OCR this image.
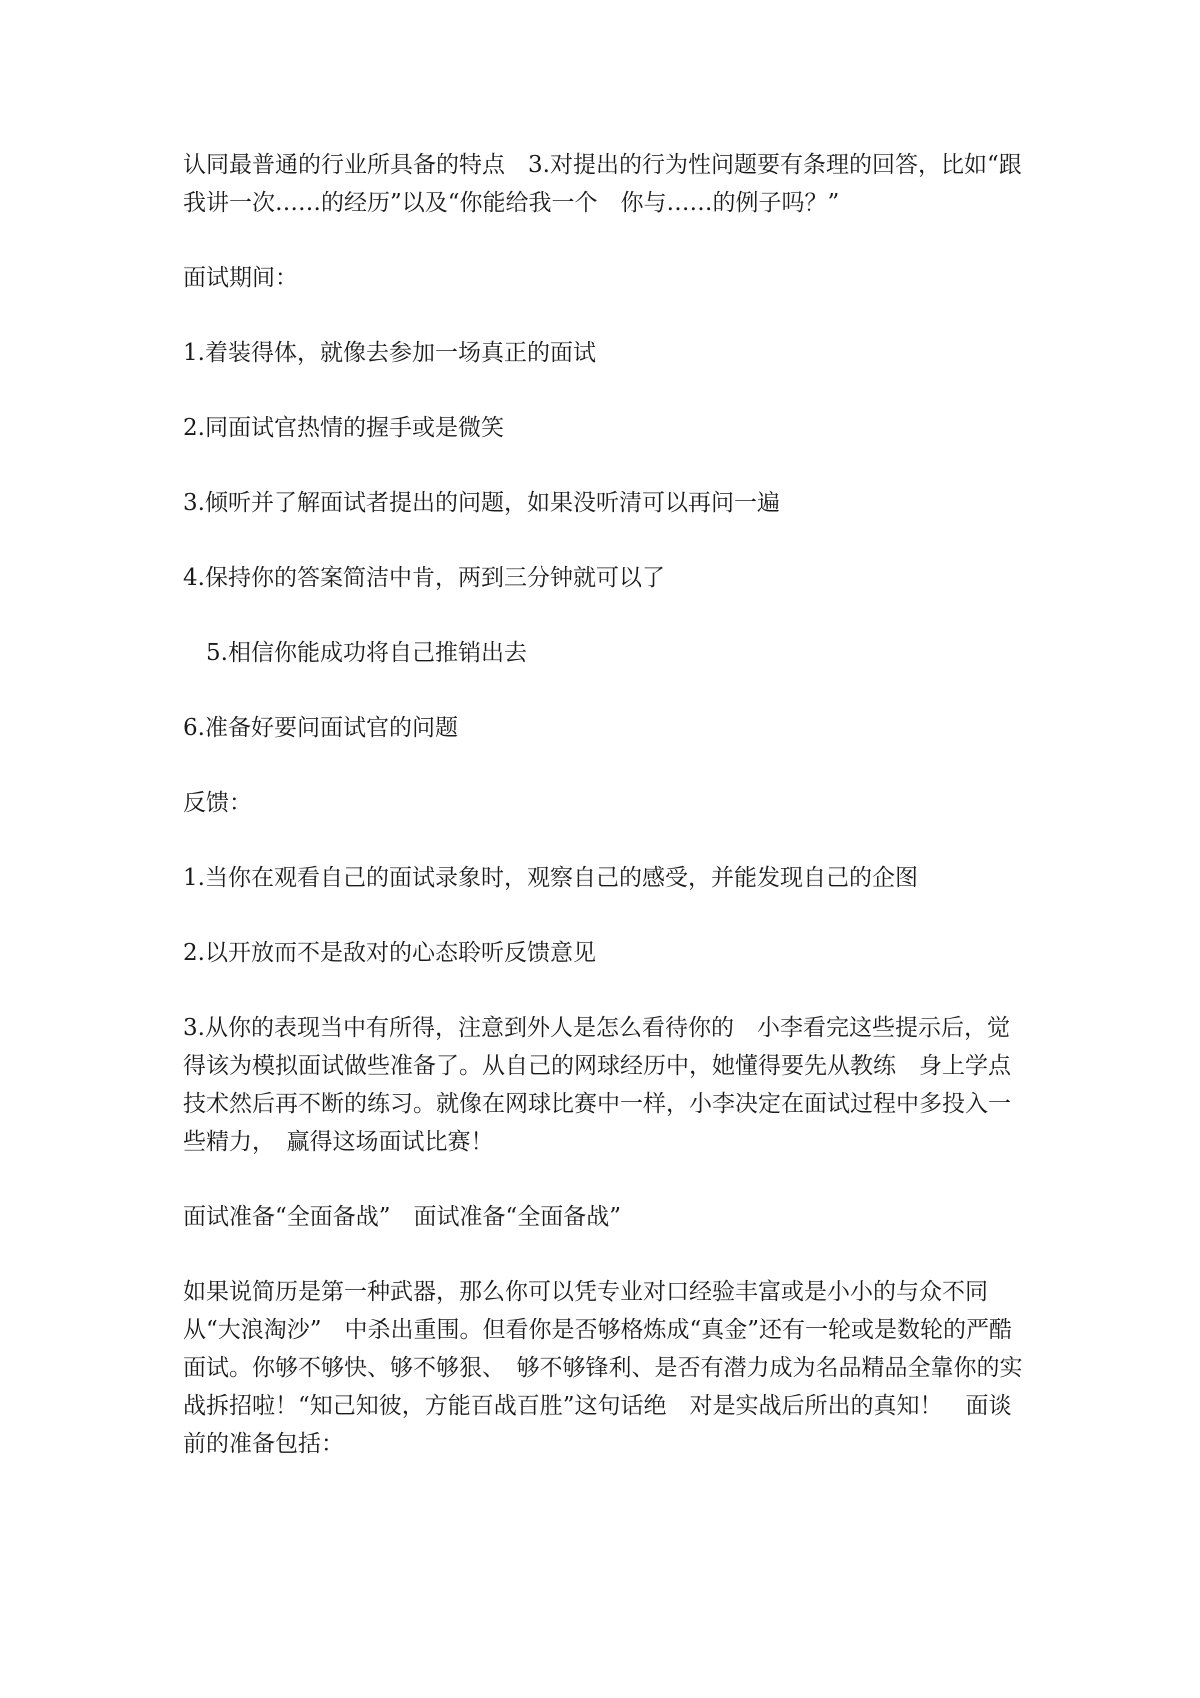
认同最普通的行业所具备的特点　3.对提出的行为性问题要有条理的回答，比如“跟我讲一次……的经历”以及“你能给我一个　你与……的例子吗？”

面试期间：

1.着装得体，就像去参加一场真正的面试

2.同面试官热情的握手或是微笑

3.倾听并了解面试者提出的问题，如果没听清可以再问一遍

4.保持你的答案简洁中肯，两到三分钟就可以了

　5.相信你能成功将自己推销出去

6.准备好要问面试官的问题

反馈：

1.当你在观看自己的面试录象时，观察自己的感受，并能发现自己的企图

2.以开放而不是敌对的心态聆听反馈意见

3.从你的表现当中有所得，注意到外人是怎么看待你的　小李看完这些提示后，觉得该为模拟面试做些准备了。从自己的网球经历中，她懂得要先从教练　身上学点技术然后再不断的练习。就像在网球比赛中一样，小李决定在面试过程中多投入一些精力，　赢得这场面试比赛！

面试准备“全面备战”　面试准备“全面备战”

如果说简历是第一种武器，那么你可以凭专业对口经验丰富或是小小的与众不同从“大浪淘沙”　中杀出重围。但看你是否够格炼成“真金”还有一轮或是数轮的严酷面试。你够不够快、够不够狠、　够不够锋利、是否有潜力成为名品精品全靠你的实战拆招啦！“知己知彼，方能百战百胜”这句话绝　对是实战后所出的真知！　面谈前的准备包括：
